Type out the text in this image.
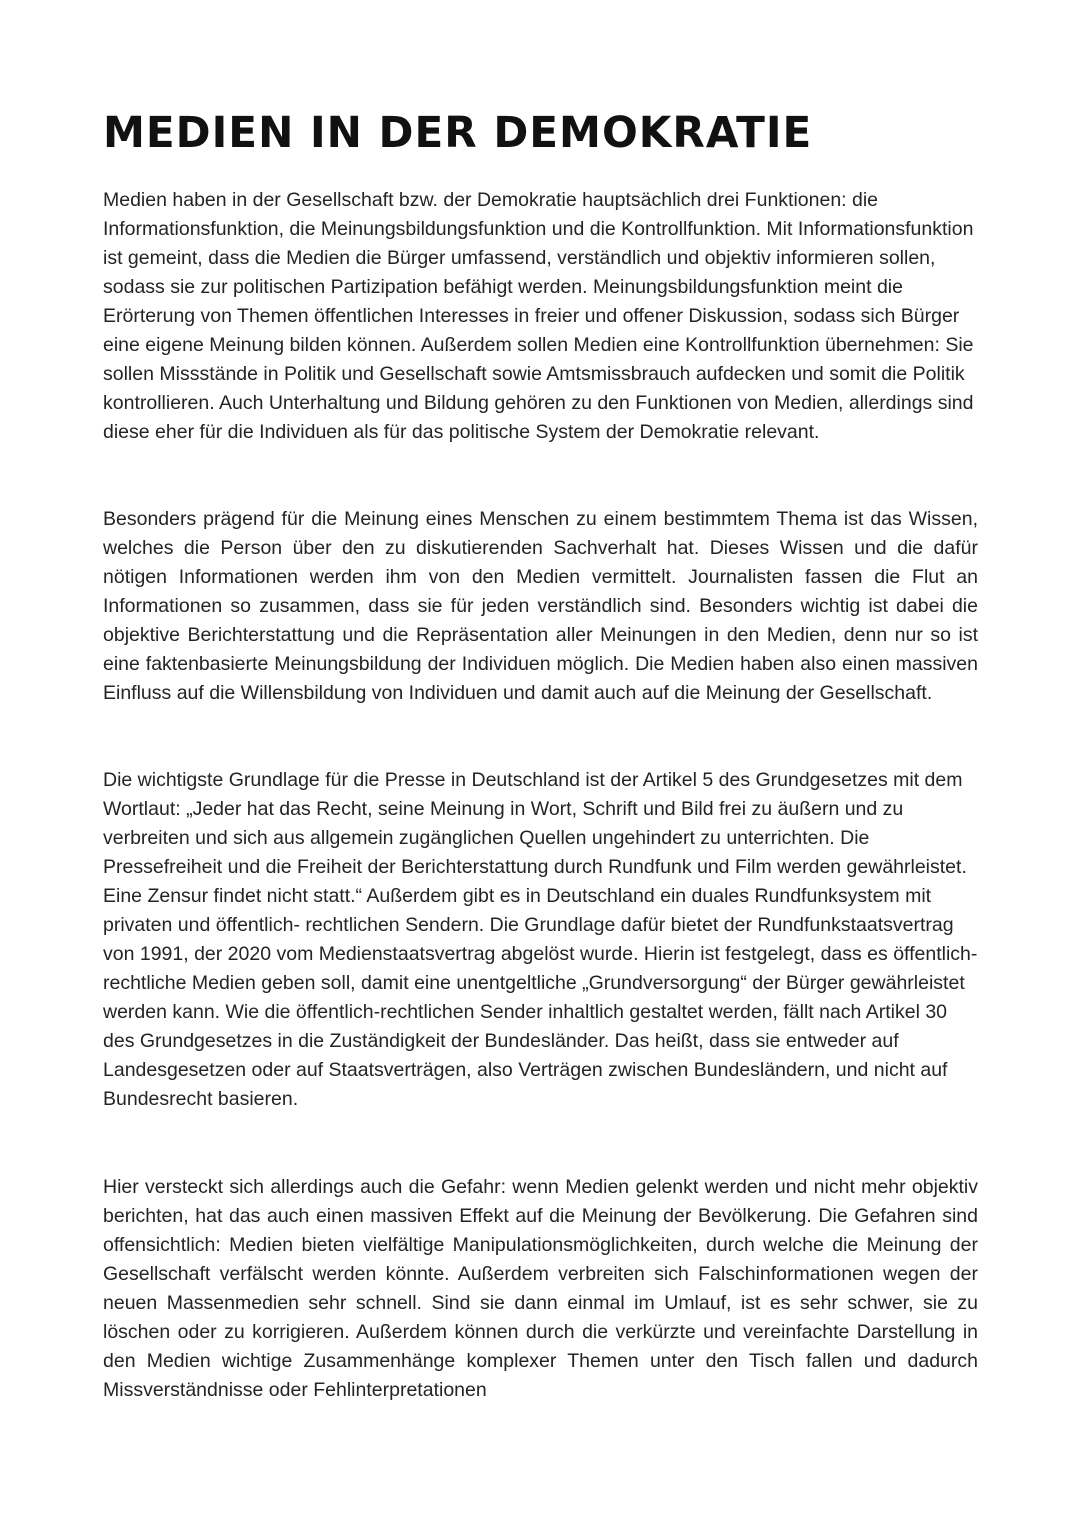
MEDIEN IN DER DEMOKRATIE

Medien haben in der Gesellschaft bzw. der Demokratie hauptsächlich drei Funktionen: die Informationsfunktion, die Meinungsbildungsfunktion und die Kontrollfunktion. Mit Informationsfunktion ist gemeint, dass die Medien die Bürger umfassend, verständlich und objektiv informieren sollen, sodass sie zur politischen Partizipation befähigt werden. Meinungsbildungsfunktion meint die Erörterung von Themen öffentlichen Interesses in freier und offener Diskussion, sodass sich Bürger eine eigene Meinung bilden können. Außerdem sollen Medien eine Kontrollfunktion übernehmen: Sie sollen Missstände in Politik und Gesellschaft sowie Amtsmissbrauch aufdecken und somit die Politik kontrollieren. Auch Unterhaltung und Bildung gehören zu den Funktionen von Medien, allerdings sind diese eher für die Individuen als für das politische System der Demokratie relevant.

Besonders prägend für die Meinung eines Menschen zu einem bestimmtem Thema ist das Wissen, welches die Person über den zu diskutierenden Sachverhalt hat. Dieses Wissen und die dafür nötigen Informationen werden ihm von den Medien vermittelt. Journalisten fassen die Flut an Informationen so zusammen, dass sie für jeden verständlich sind. Besonders wichtig ist dabei die objektive Berichterstattung und die Repräsentation aller Meinungen in den Medien, denn nur so ist eine faktenbasierte Meinungsbildung der Individuen möglich. Die Medien haben also einen massiven Einfluss auf die Willensbildung von Individuen und damit auch auf die Meinung der Gesellschaft.

Die wichtigste Grundlage für die Presse in Deutschland ist der Artikel 5 des Grundgesetzes mit dem Wortlaut: „Jeder hat das Recht, seine Meinung in Wort, Schrift und Bild frei zu äußern und zu verbreiten und sich aus allgemein zugänglichen Quellen ungehindert zu unterrichten. Die Pressefreiheit und die Freiheit der Berichterstattung durch Rundfunk und Film werden gewährleistet. Eine Zensur findet nicht statt.“ Außerdem gibt es in Deutschland ein duales Rundfunksystem mit privaten und öffentlich- rechtlichen Sendern. Die Grundlage dafür bietet der Rundfunkstaatsvertrag von 1991, der 2020 vom Medienstaatsvertrag abgelöst wurde. Hierin ist festgelegt, dass es öffentlich-rechtliche Medien geben soll, damit eine unentgeltliche „Grundversorgung“ der Bürger gewährleistet werden kann. Wie die öffentlich-rechtlichen Sender inhaltlich gestaltet werden, fällt nach Artikel 30 des Grundgesetzes in die Zuständigkeit der Bundesländer. Das heißt, dass sie entweder auf Landesgesetzen oder auf Staatsverträgen, also Verträgen zwischen Bundesländern, und nicht auf Bundesrecht basieren.

Hier versteckt sich allerdings auch die Gefahr: wenn Medien gelenkt werden und nicht mehr objektiv berichten, hat das auch einen massiven Effekt auf die Meinung der Bevölkerung. Die Gefahren sind offensichtlich: Medien bieten vielfältige Manipulationsmöglichkeiten, durch welche die Meinung der Gesellschaft verfälscht werden könnte. Außerdem verbreiten sich Falschinformationen wegen der neuen Massenmedien sehr schnell. Sind sie dann einmal im Umlauf, ist es sehr schwer, sie zu löschen oder zu korrigieren. Außerdem können durch die verkürzte und vereinfachte Darstellung in den Medien wichtige Zusammenhänge komplexer Themen unter den Tisch fallen und dadurch Missverständnisse oder Fehlinterpretationen
